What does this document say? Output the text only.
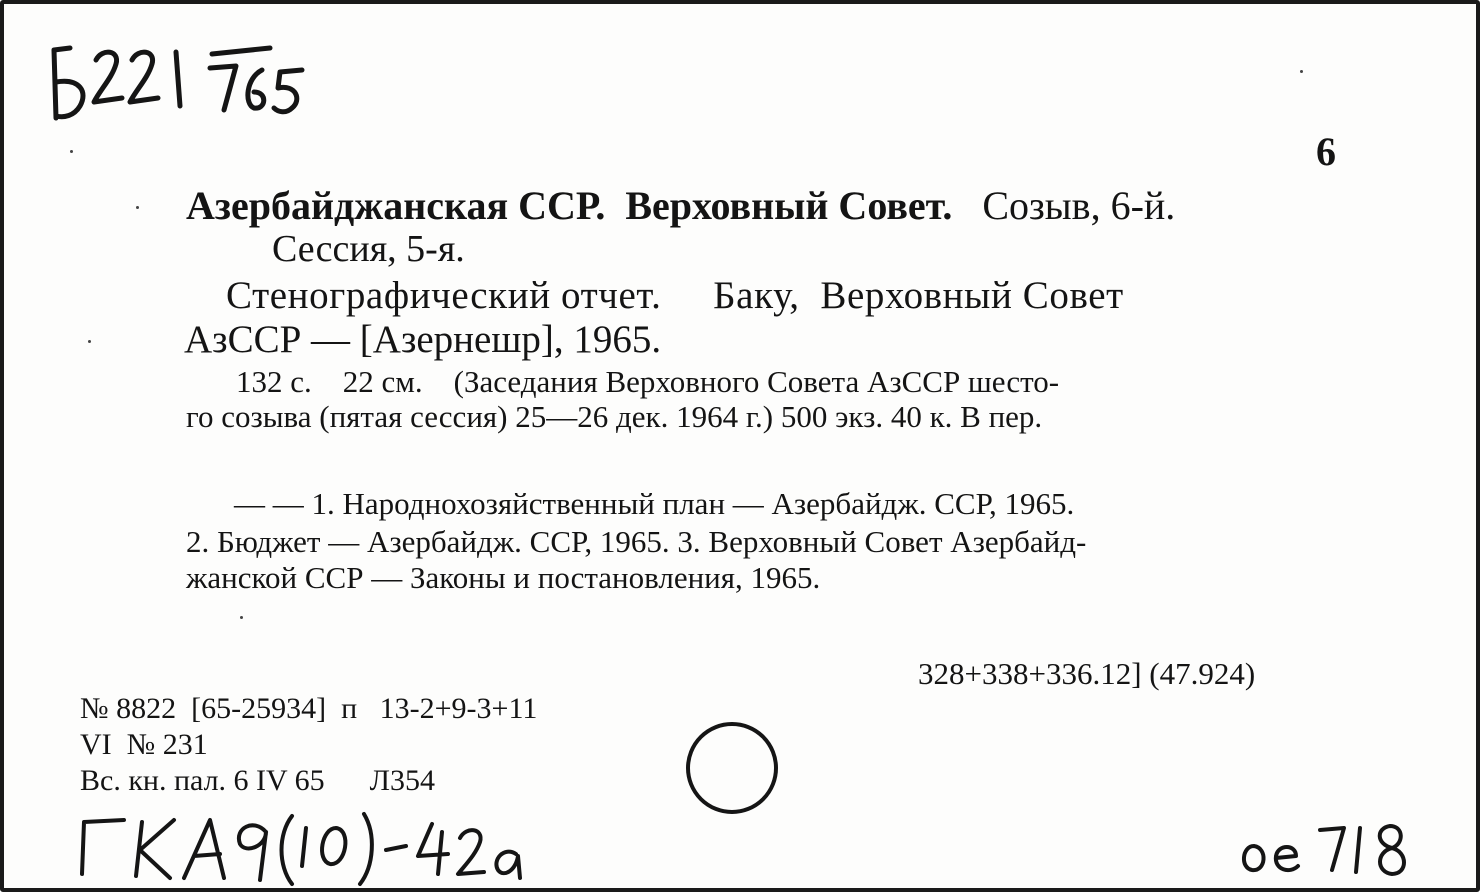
6
Азербайджанская ССР. Верховный Совет. Созыв, 6-й.
Сессия, 5-я.
Стенографический отчет.     Баку,  Верховный Совет
АзССР — [Азернешр], 1965.
132 с.    22 см.    (Заседания Верховного Совета АзССР шесто-
го созыва (пятая сессия) 25—26 дек. 1964 г.) 500 экз. 40 к. В пер.
— — 1. Народнохозяйственный план — Азербайдж. ССР, 1965.
2. Бюджет — Азербайдж. ССР, 1965. 3. Верховный Совет Азербайд-
жанской ССР — Законы и постановления, 1965.
328+338+336.12] (47.924)
№ 8822  [65-25934]  п   13-2+9-3+11
VI  № 231
Вс. кн. пал. 6 IV 65      Л354
